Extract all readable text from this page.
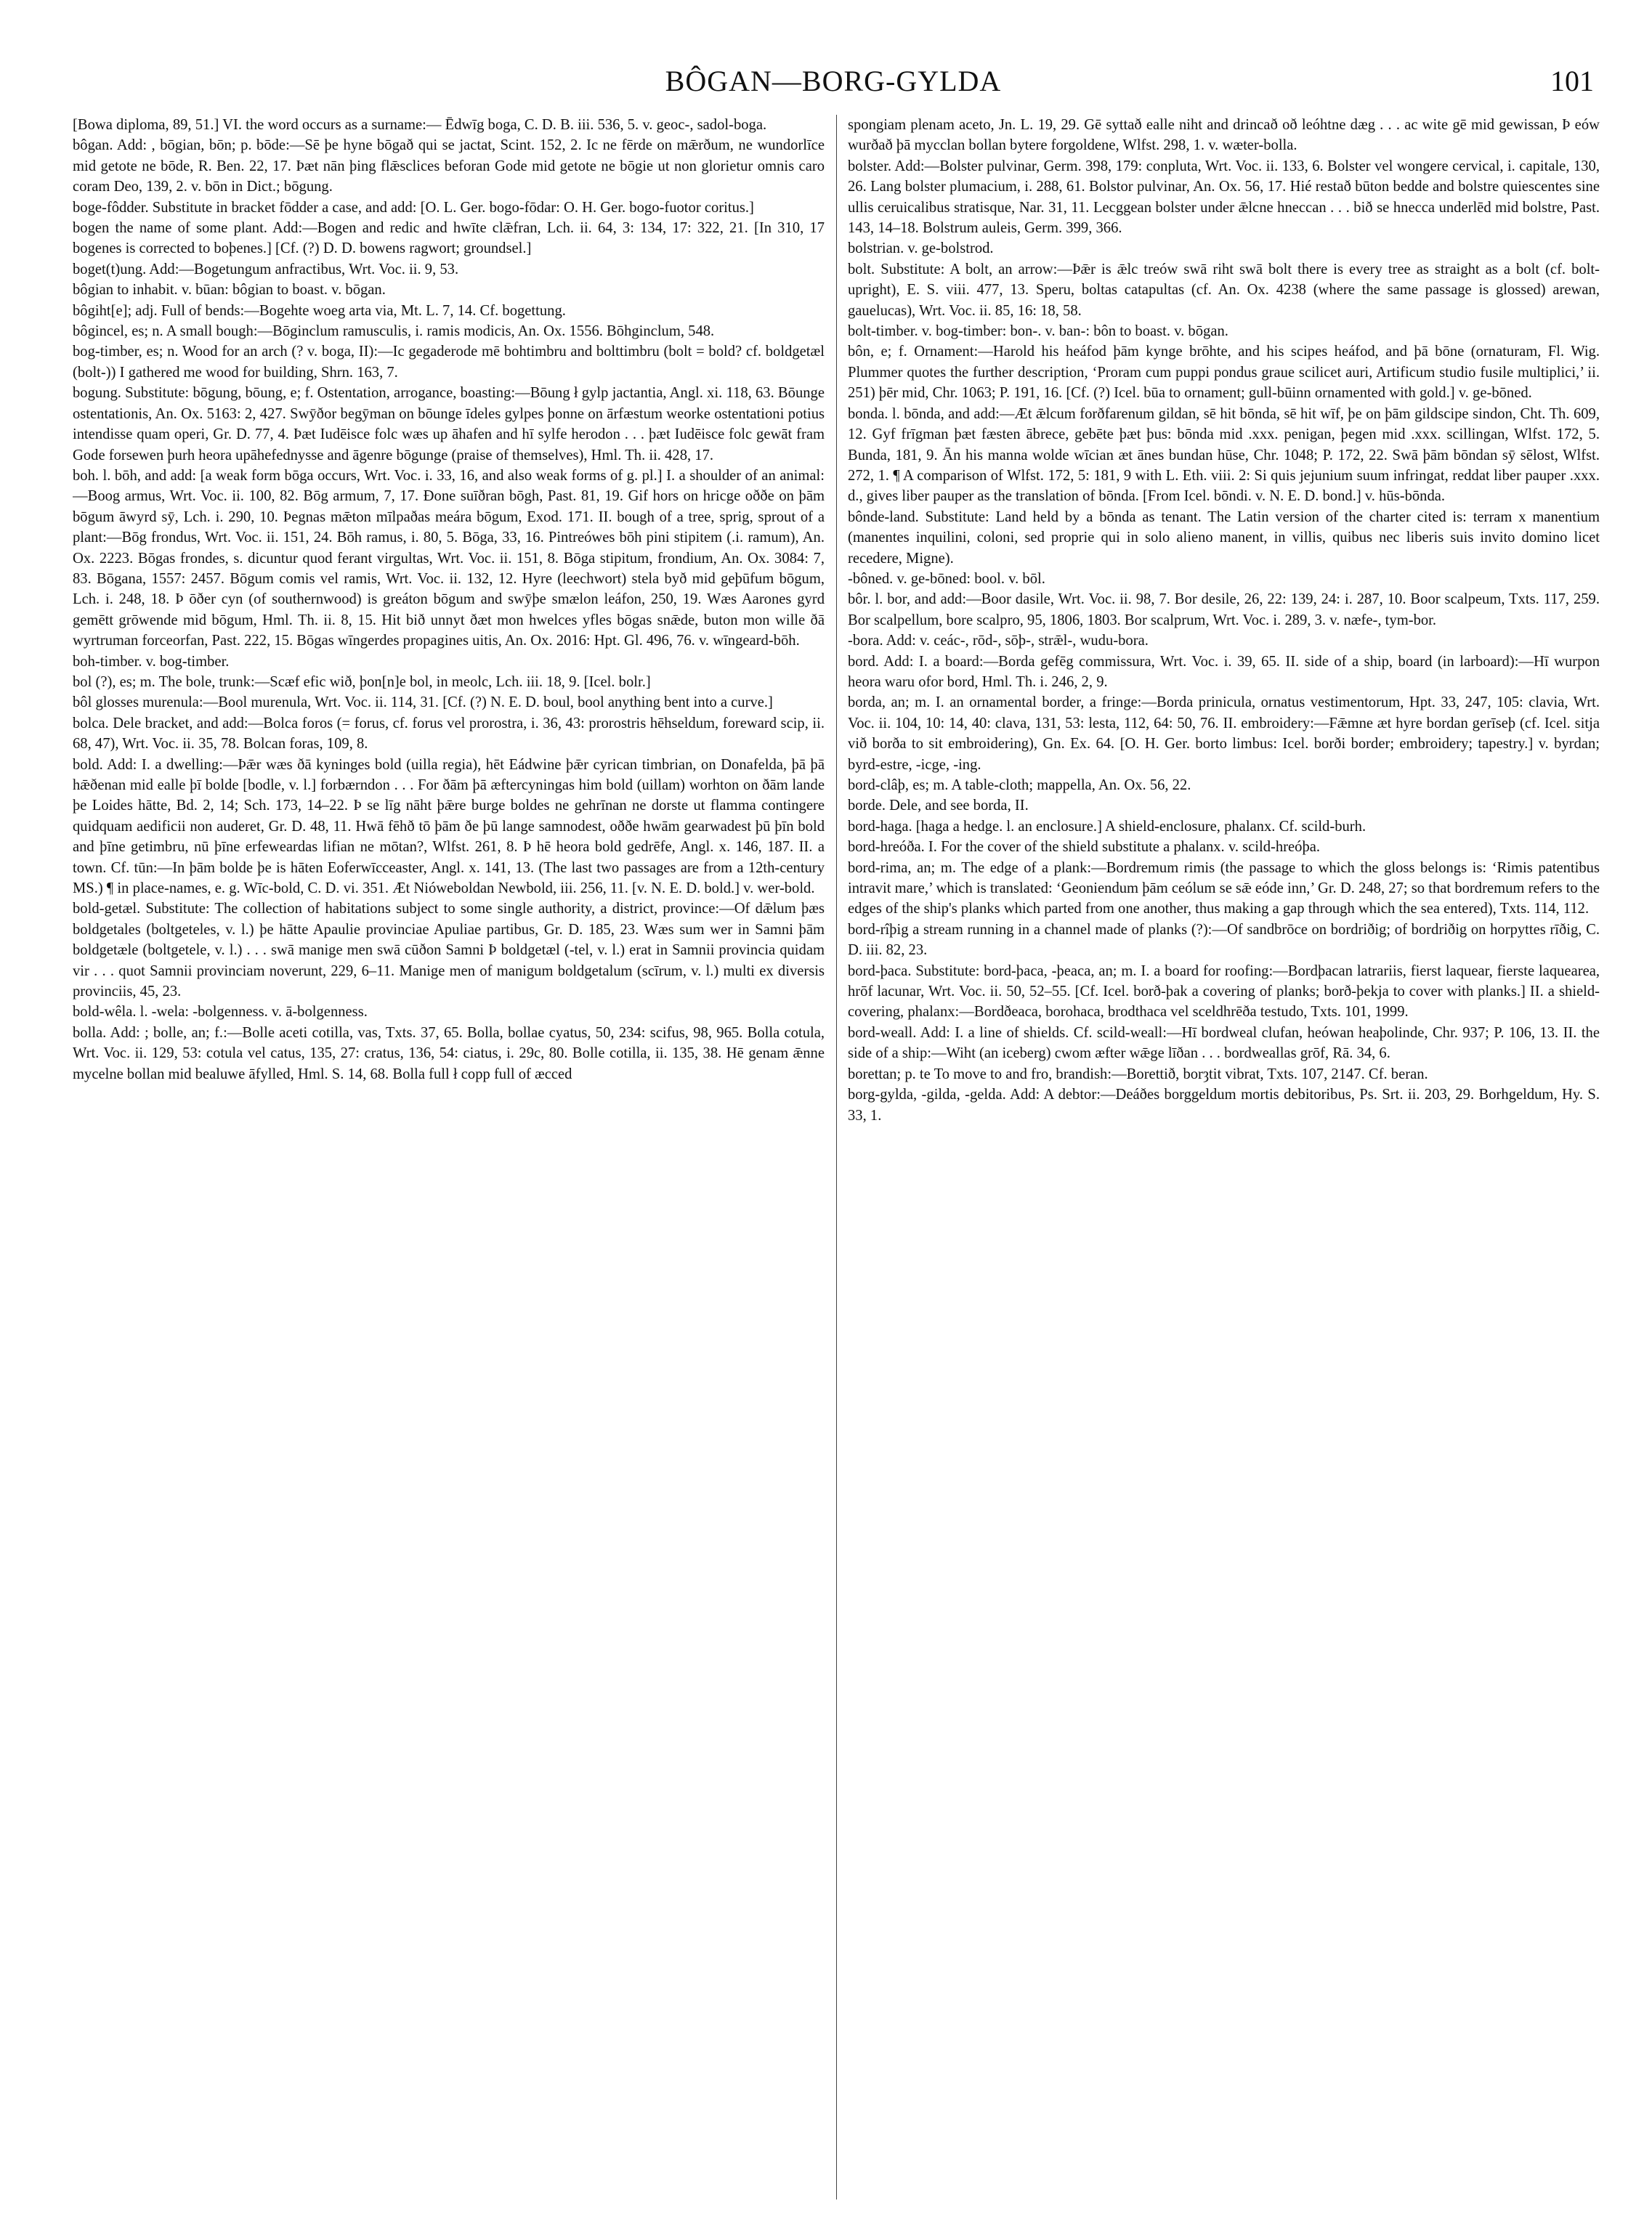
BÔGAN—BORG-GYLDA	101

[Bowa diploma, 89, 51.] VI. the word occurs as a surname:— Ēdwīg boga, C. D. B. iii. 536, 5. v. geoc-, sadol-boga.

bôgan. Add: , bōgian, bōn; p. bōde:—Sē þe hyne bōgað qui se jactat, Scint. 152, 2. Ic ne fērde on mǣrðum, ne wundorlīce mid getote ne bōde, R. Ben. 22, 17. Þæt nān þing flǣsclices beforan Gode mid getote ne bōgie ut non glorietur omnis caro coram Deo, 139, 2. v. bōn in Dict.; bōgung.

boge-fôdder. Substitute in bracket fōdder a case, and add: [O. L. Ger. bogo-fōdar: O. H. Ger. bogo-fuotor coritus.]

bogen the name of some plant. Add:—Bogen and redic and hwīte clǣfran, Lch. ii. 64, 3: 134, 17: 322, 21. [In 310, 17 bogenes is corrected to boþenes.] [Cf. (?) D. D. bowens ragwort; groundsel.]

boget(t)ung. Add:—Bogetungum anfractibus, Wrt. Voc. ii. 9, 53.

bôgian to inhabit. v. būan: bôgian to boast. v. bōgan.

bôgiht[e]; adj. Full of bends:—Bogehte woeg arta via, Mt. L. 7, 14. Cf. bogettung.

bôgincel, es; n. A small bough:—Bōginclum ramusculis, i. ramis modicis, An. Ox. 1556. Bōhginclum, 548.

bog-timber, es; n. Wood for an arch (? v. boga, II):—Ic gegaderode mē bohtimbru and bolttimbru (bolt = bold? cf. boldgetæl (bolt-)) I gathered me wood for building, Shrn. 163, 7.

bogung. Substitute: bōgung, bōung, e; f. Ostentation, arrogance, boasting:—Bōung ł gylp jactantia, Angl. xi. 118, 63. Bōunge ostentationis, An. Ox. 5163: 2, 427. Swȳðor begȳman on bōunge īdeles gylpes þonne on ārfæstum weorke ostentationi potius intendisse quam operi, Gr. D. 77, 4. Þæt Iudēisce folc wæs up āhafen and hī sylfe herodon . . . þæt Iudēisce folc gewāt fram Gode forsewen þurh heora upāhefednysse and āgenre bōgunge (praise of themselves), Hml. Th. ii. 428, 17.

boh. l. bōh, and add: [a weak form bōga occurs, Wrt. Voc. i. 33, 16, and also weak forms of g. pl.] I. a shoulder of an animal:—Boog armus, Wrt. Voc. ii. 100, 82. Bōg armum, 7, 17. Ðone suīðran bōgh, Past. 81, 19. Gif hors on hricge oððe on þām bōgum āwyrd sȳ, Lch. i. 290, 10. Þegnas mǣton mīlpaðas meára bōgum, Exod. 171. II. bough of a tree, sprig, sprout of a plant:—Bōg frondus, Wrt. Voc. ii. 151, 24. Bōh ramus, i. 80, 5. Bōga, 33, 16. Pintreówes bōh pini stipitem (.i. ramum), An. Ox. 2223. Bōgas frondes, s. dicuntur quod ferant virgultas, Wrt. Voc. ii. 151, 8. Bōga stipitum, frondium, An. Ox. 3084: 7, 83. Bōgana, 1557: 2457. Bōgum comis vel ramis, Wrt. Voc. ii. 132, 12. Hyre (leechwort) stela byð mid geþūfum bōgum, Lch. i. 248, 18. Þ ōðer cyn (of southernwood) is greáton bōgum and swȳþe smælon leáfon, 250, 19. Wæs Aarones gyrd gemētt grōwende mid bōgum, Hml. Th. ii. 8, 15. Hit bið unnyt ðæt mon hwelces yfles bōgas snǣde, buton mon wille ðā wyrtruman forceorfan, Past. 222, 15. Bōgas wīngerdes propagines uitis, An. Ox. 2016: Hpt. Gl. 496, 76. v. wīngeard-bōh.

boh-timber. v. bog-timber.

bol (?), es; m. The bole, trunk:—Scæf efic wið, þon[n]e bol, in meolc, Lch. iii. 18, 9. [Icel. bolr.]

bôl glosses murenula:—Bool murenula, Wrt. Voc. ii. 114, 31. [Cf. (?) N. E. D. boul, bool anything bent into a curve.]

bolca. Dele bracket, and add:—Bolca foros (= forus, cf. forus vel prorostra, i. 36, 43: prorostris hēhseldum, foreward scip, ii. 68, 47), Wrt. Voc. ii. 35, 78. Bolcan foras, 109, 8.

bold. Add: I. a dwelling:—Þǣr wæs ðā kyninges bold (uilla regia), hēt Eádwine þǣr cyrican timbrian, on Donafelda, þā þā hǣðenan mid ealle þī bolde [bodle, v. l.] forbærndon . . . For ðām þā æftercyningas him bold (uillam) worhton on ðām lande þe Loides hātte, Bd. 2, 14; Sch. 173, 14–22. Þ se līg nāht þǣre burge boldes ne gehrīnan ne dorste ut flamma contingere quidquam aedificii non auderet, Gr. D. 48, 11. Hwā fēhð tō þām ðe þū lange samnodest, oððe hwām gearwadest þū þīn bold and þīne getimbru, nū þīne erfeweardas lifian ne mōtan?, Wlfst. 261, 8. Þ hē heora bold gedrēfe, Angl. x. 146, 187. II. a town. Cf. tūn:—In þām bolde þe is hāten Eoferwīcceaster, Angl. x. 141, 13. (The last two passages are from a 12th-century MS.) ¶ in place-names, e. g. Wīc-bold, C. D. vi. 351. Æt Nióweboldan Newbold, iii. 256, 11. [v. N. E. D. bold.] v. wer-bold.

bold-getæl. Substitute: The collection of habitations subject to some single authority, a district, province:—Of dǣlum þæs boldgetales (boltgeteles, v. l.) þe hātte Apaulie provinciae Apuliae partibus, Gr. D. 185, 23. Wæs sum wer in Samni þām boldgetæle (boltgetele, v. l.) . . . swā manige men swā cūðon Samni Þ boldgetæl (-tel, v. l.) erat in Samnii provincia quidam vir . . . quot Samnii provinciam noverunt, 229, 6–11. Manige men of manigum boldgetalum (scīrum, v. l.) multi ex diversis provinciis, 45, 23.

bold-wêla. l. -wela: -bolgenness. v. ā-bolgenness.

bolla. Add: ; bolle, an; f.:—Bolle aceti cotilla, vas, Txts. 37, 65. Bolla, bollae cyatus, 50, 234: scifus, 98, 965. Bolla cotula, Wrt. Voc. ii. 129, 53: cotula vel catus, 135, 27: cratus, 136, 54: ciatus, i. 29c, 80. Bolle cotilla, ii. 135, 38. Hē genam ǣnne mycelne bollan mid bealuwe āfylled, Hml. S. 14, 68. Bolla full ł copp full of æcced

spongiam plenam aceto, Jn. L. 19, 29. Gē syttað ealle niht and drincað oð leóhtne dæg . . . ac wite gē mid gewissan, Þ eów wurðað þā mycclan bollan bytere forgoldene, Wlfst. 298, 1. v. wæter-bolla.

bolster. Add:—Bolster pulvinar, Germ. 398, 179: conpluta, Wrt. Voc. ii. 133, 6. Bolster vel wongere cervical, i. capitale, 130, 26. Lang bolster plumacium, i. 288, 61. Bolstor pulvinar, An. Ox. 56, 17. Hié restað būton bedde and bolstre quiescentes sine ullis ceruicalibus stratisque, Nar. 31, 11. Lecggean bolster under ǣlcne hneccan . . . bið se hnecca underlēd mid bolstre, Past. 143, 14–18. Bolstrum auleis, Germ. 399, 366.

bolstrian. v. ge-bolstrod.

bolt. Substitute: A bolt, an arrow:—Þǣr is ǣlc treów swā riht swā bolt there is every tree as straight as a bolt (cf. bolt-upright), E. S. viii. 477, 13. Speru, boltas catapultas (cf. An. Ox. 4238 (where the same passage is glossed) arewan, gauelucas), Wrt. Voc. ii. 85, 16: 18, 58.

bolt-timber. v. bog-timber: bon-. v. ban-: bôn to boast. v. bōgan.

bôn, e; f. Ornament:—Harold his heáfod þām kynge brōhte, and his scipes heáfod, and þā bōne (ornaturam, Fl. Wig. Plummer quotes the further description, ‘Proram cum puppi pondus graue scilicet auri, Artificum studio fusile multiplici,’ ii. 251) þēr mid, Chr. 1063; P. 191, 16. [Cf. (?) Icel. būa to ornament; gull-būinn ornamented with gold.] v. ge-bōned.

bonda. l. bōnda, and add:—Æt ǣlcum forðfarenum gildan, sē hit bōnda, sē hit wīf, þe on þām gildscipe sindon, Cht. Th. 609, 12. Gyf frīgman þæt fæsten ābrece, gebēte þæt þus: bōnda mid .xxx. penigan, þegen mid .xxx. scillingan, Wlfst. 172, 5. Bunda, 181, 9. Ān his manna wolde wīcian æt ānes bundan hūse, Chr. 1048; P. 172, 22. Swā þām bōndan sȳ sēlost, Wlfst. 272, 1. ¶ A comparison of Wlfst. 172, 5: 181, 9 with L. Eth. viii. 2: Si quis jejunium suum infringat, reddat liber pauper .xxx. d., gives liber pauper as the translation of bōnda. [From Icel. bōndi. v. N. E. D. bond.] v. hūs-bōnda.

bônde-land. Substitute: Land held by a bōnda as tenant. The Latin version of the charter cited is: terram x manentium (manentes inquilini, coloni, sed proprie qui in solo alieno manent, in villis, quibus nec liberis suis invito domino licet recedere, Migne).

-bôned. v. ge-bōned: bool. v. bōl.

bôr. l. bor, and add:—Boor dasile, Wrt. Voc. ii. 98, 7. Bor desile, 26, 22: 139, 24: i. 287, 10. Boor scalpeum, Txts. 117, 259. Bor scalpellum, bore scalpro, 95, 1806, 1803. Bor scalprum, Wrt. Voc. i. 289, 3. v. næfe-, tym-bor.

-bora. Add: v. ceác-, rōd-, sōþ-, strǣl-, wudu-bora.

bord. Add: I. a board:—Borda gefēg commissura, Wrt. Voc. i. 39, 65. II. side of a ship, board (in larboard):—Hī wurpon heora waru ofor bord, Hml. Th. i. 246, 2, 9.

borda, an; m. I. an ornamental border, a fringe:—Borda prinicula, ornatus vestimentorum, Hpt. 33, 247, 105: clavia, Wrt. Voc. ii. 104, 10: 14, 40: clava, 131, 53: lesta, 112, 64: 50, 76. II. embroidery:—Fǣmne æt hyre bordan gerīseþ (cf. Icel. sitja við borða to sit embroidering), Gn. Ex. 64. [O. H. Ger. borto limbus: Icel. borði border; embroidery; tapestry.] v. byrdan; byrd-estre, -icge, -ing.

bord-clâþ, es; m. A table-cloth; mappella, An. Ox. 56, 22.

borde. Dele, and see borda, II.

bord-haga. [haga a hedge. l. an enclosure.] A shield-enclosure, phalanx. Cf. scild-burh.

bord-hreóða. I. For the cover of the shield substitute a phalanx. v. scild-hreóþa.

bord-rima, an; m. The edge of a plank:—Bordremum rimis (the passage to which the gloss belongs is: ‘Rimis patentibus intravit mare,’ which is translated: ‘Geoniendum þām ceólum se sǣ eóde inn,’ Gr. D. 248, 27; so that bordremum refers to the edges of the ship's planks which parted from one another, thus making a gap through which the sea entered), Txts. 114, 112.

bord-rîþig a stream running in a channel made of planks (?):—Of sandbrōce on bordriðig; of bordriðig on horpyttes rīðig, C. D. iii. 82, 23.

bord-þaca. Substitute: bord-þaca, -þeaca, an; m. I. a board for roofing:—Bordþacan latrariis, fierst laquear, fierste laquearea, hrōf lacunar, Wrt. Voc. ii. 50, 52–55. [Cf. Icel. borð-þak a covering of planks; borð-þekja to cover with planks.] II. a shield-covering, phalanx:—Bordðeaca, borohaca, brodthaca vel sceldhrēða testudo, Txts. 101, 1999.

bord-weall. Add: I. a line of shields. Cf. scild-weall:—Hī bordweal clufan, heówan heaþolinde, Chr. 937; P. 106, 13. II. the side of a ship:—Wiht (an iceberg) cwom æfter wǣge līðan . . . bordweallas grōf, Rā. 34, 6.

borettan; p. te To move to and fro, brandish:—Borettið, borȝtit vibrat, Txts. 107, 2147. Cf. beran.

borg-gylda, -gilda, -gelda. Add: A debtor:—Deáðes borggeldum mortis debitoribus, Ps. Srt. ii. 203, 29. Borhgeldum, Hy. S. 33, 1.
